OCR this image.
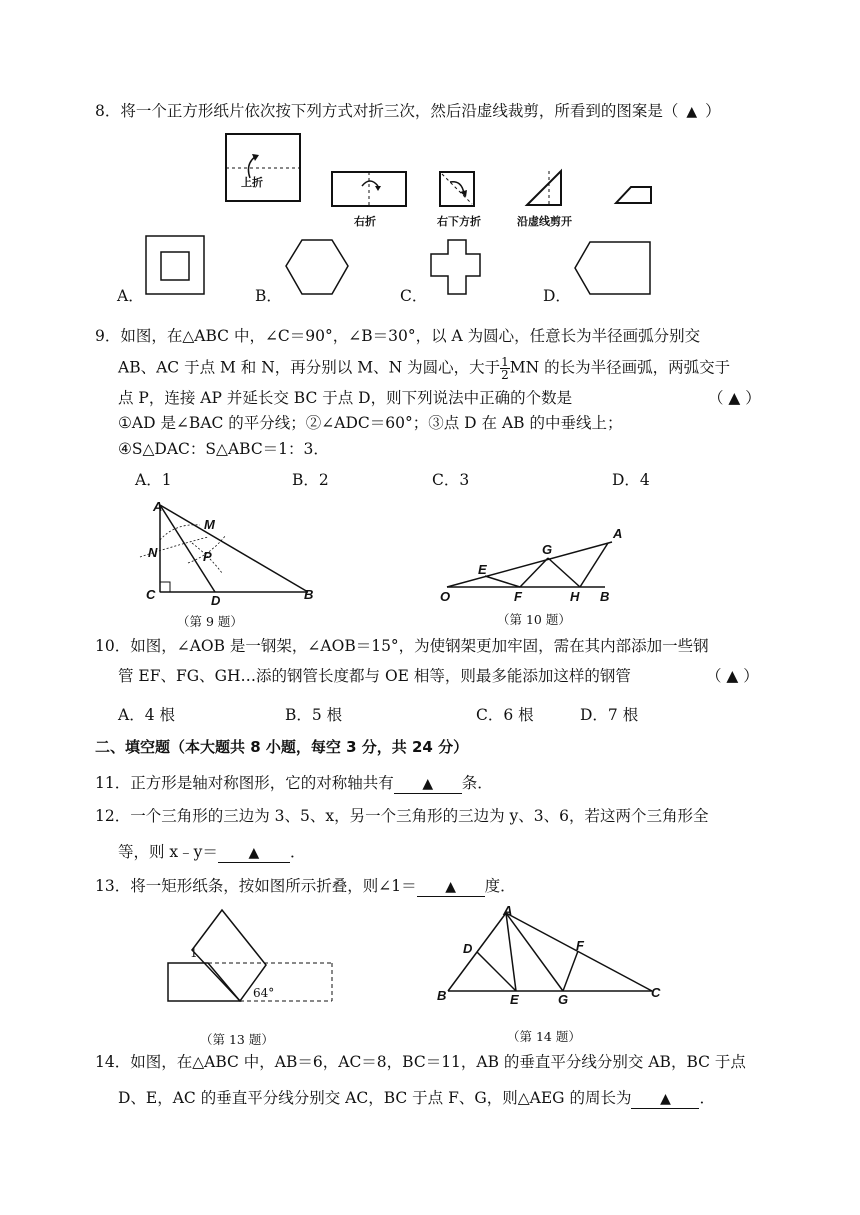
8．将一个正方形纸片依次按下列方式对折三次，然后沿虚线裁剪，所看到的图案是（ ▲ ）
上折
右折	右下方折	沿虚线剪开
A．	B．	C．	D．
9．如图，在△ABC 中，∠C＝90°，∠B＝30°，以 A 为圆心，任意长为半径画弧分别交
AB、AC 于点 M 和 N，再分别以 M、N 为圆心，大于 $\frac{1}{2}$ MN 的长为半径画弧，两弧交于
点 P，连接 AP 并延长交 BC 于点 D，则下列说法中正确的个数是	（ ▲ ）
①AD 是∠BAC 的平分线；②∠ADC＝60°；③点 D 在 AB 的中垂线上；
④S△DAC：S△ABC＝1：3．
A．1	B．2	C．3	D．4
A
M
N	P
C	D	B
（第 9 题）
A
G
E
O	F	H B
（第 10 题）
10．如图，∠AOB 是一钢架，∠AOB＝15°，为使钢架更加牢固，需在其内部添加一些钢
管 EF、FG、GH…添的钢管长度都与 OE 相等，则最多能添加这样的钢管	（ ▲ ）
A．4 根	B．5 根	C．6 根	D．7 根
二、填空题（本大题共 8 小题，每空 3 分，共 24 分）
11．正方形是轴对称图形，它的对称轴共有 ▲ 条．
12．一个三角形的三边为 3、5、x，另一个三角形的三边为 y、3、6，若这两个三角形全
等，则 x﹣y＝ ▲ ．
13．将一矩形纸条，按如图所示折叠，则∠1＝ ▲ 度．
1
64°
（第 13 题）
A
D	F
B	E	G	C
（第 14 题）
14．如图，在△ABC 中，AB＝6，AC＝8，BC＝11，AB 的垂直平分线分别交 AB，BC 于点
D、E，AC 的垂直平分线分别交 AC，BC 于点 F、G，则△AEG 的周长为 ▲ ．
